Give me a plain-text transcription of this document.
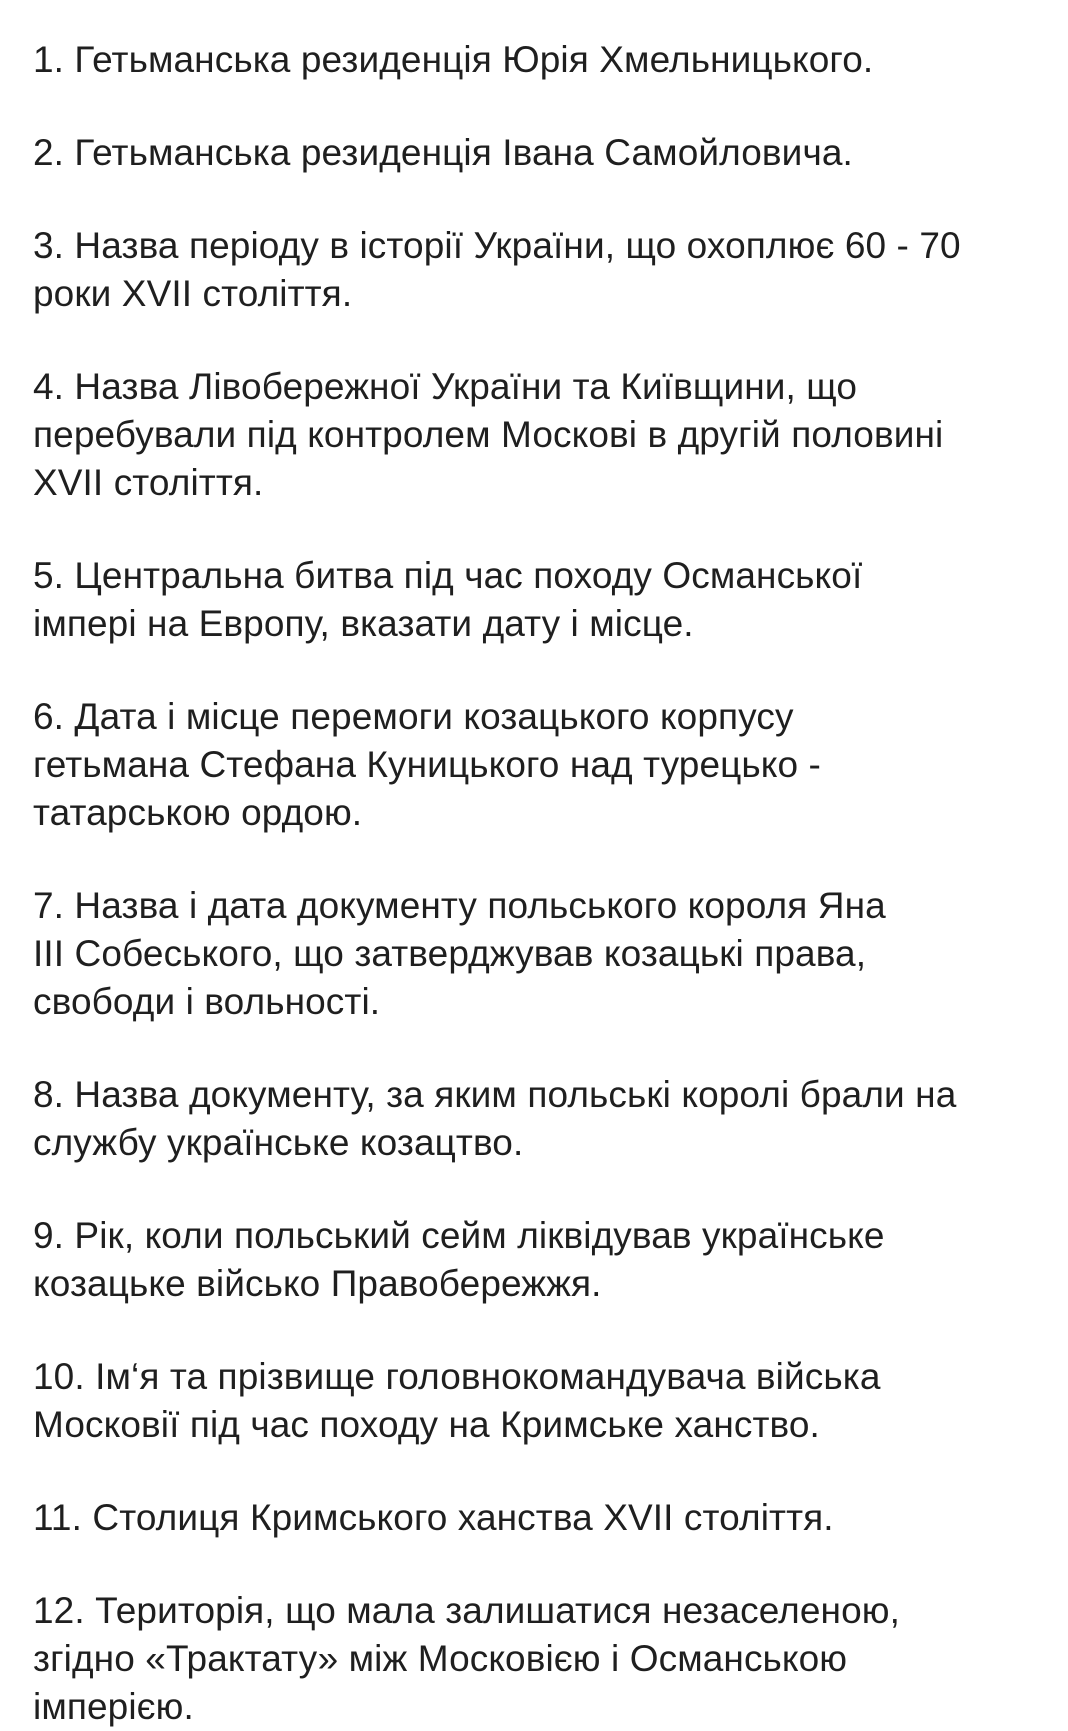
1. Гетьманська резиденція Юрія Хмельницького.

2. Гетьманська резиденція Івана Самойловича.

3. Назва періоду в історії України, що охоплює 60 - 70
роки XVII століття.

4. Назва Лівобережної України та Київщини, що
перебували під контролем Москові в другій половині
XVII століття.

5. Центральна битва під час походу Османської
імпері на Европу, вказати дату і місце.

6. Дата і місце перемоги козацького корпусу
гетьмана Стефана Куницького над турецько -
татарською ордою.

7. Назва і дата документу польського короля Яна
III Собеського, що затверджував козацькі права,
свободи і вольності.

8. Назва документу, за яким польські королі брали на
службу українське козацтво.

9. Рік, коли польський сейм ліквідував українське
козацьке військо Правобережжя.

10. Ім‘я та прізвище головнокомандувача війська
Московії під час походу на Кримське ханство.

11. Столиця Кримського ханства XVII століття.

12. Територія, що мала залишатися незаселеною,
згідно «Трактату» між Московією і Османською
імперією.
